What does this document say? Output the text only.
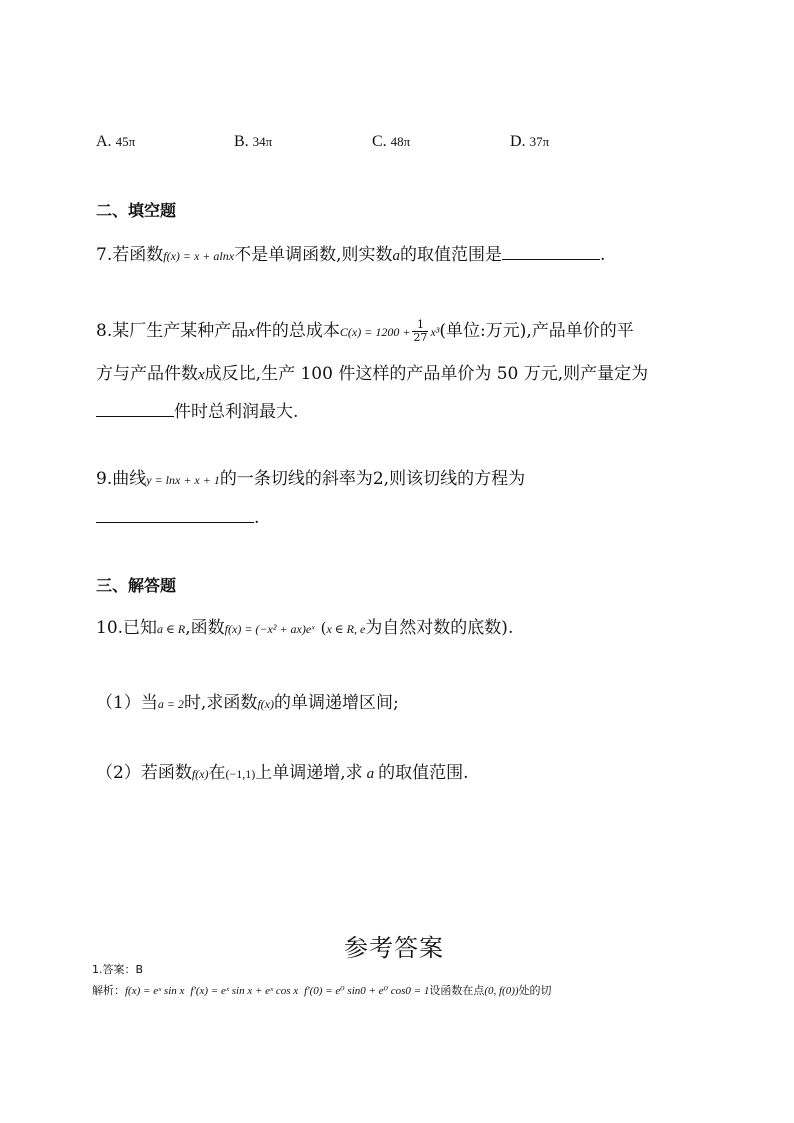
A. 45π	B. 34π	C. 48π	D. 37π
二、填空题
7.若函数f(x) = x + alnx不是单调函数,则实数a的取值范围是	.
8.某厂生产某种产品x件的总成本$C(x) = 1200 + \frac{1}{27} x^3$(单位:万元),产品单价的平
方与产品件数x成反比,生产 100 件这样的产品单价为 50 万元,则产量定为
件时总利润最大.
9.曲线y = lnx + x + 1的一条切线的斜率为2,则该切线的方程为
.
三、解答题
10.已知a ∈ R,函数f(x) = (−x² + ax)eˣ (x ∈ R, e为自然对数的底数).
（1）当a = 2时,求函数f(x)的单调递增区间;
（2）若函数f(x)在(−1,1)上单调递增,求 a 的取值范围.
参考答案
1.答案：B
解析：f(x) = eˣ sin x f′(x) = eˣ sin x + eˣ cos x f′(0) = e⁰ sin0 + e⁰ cos0 = 1设函数在点(0, f(0))处的切
